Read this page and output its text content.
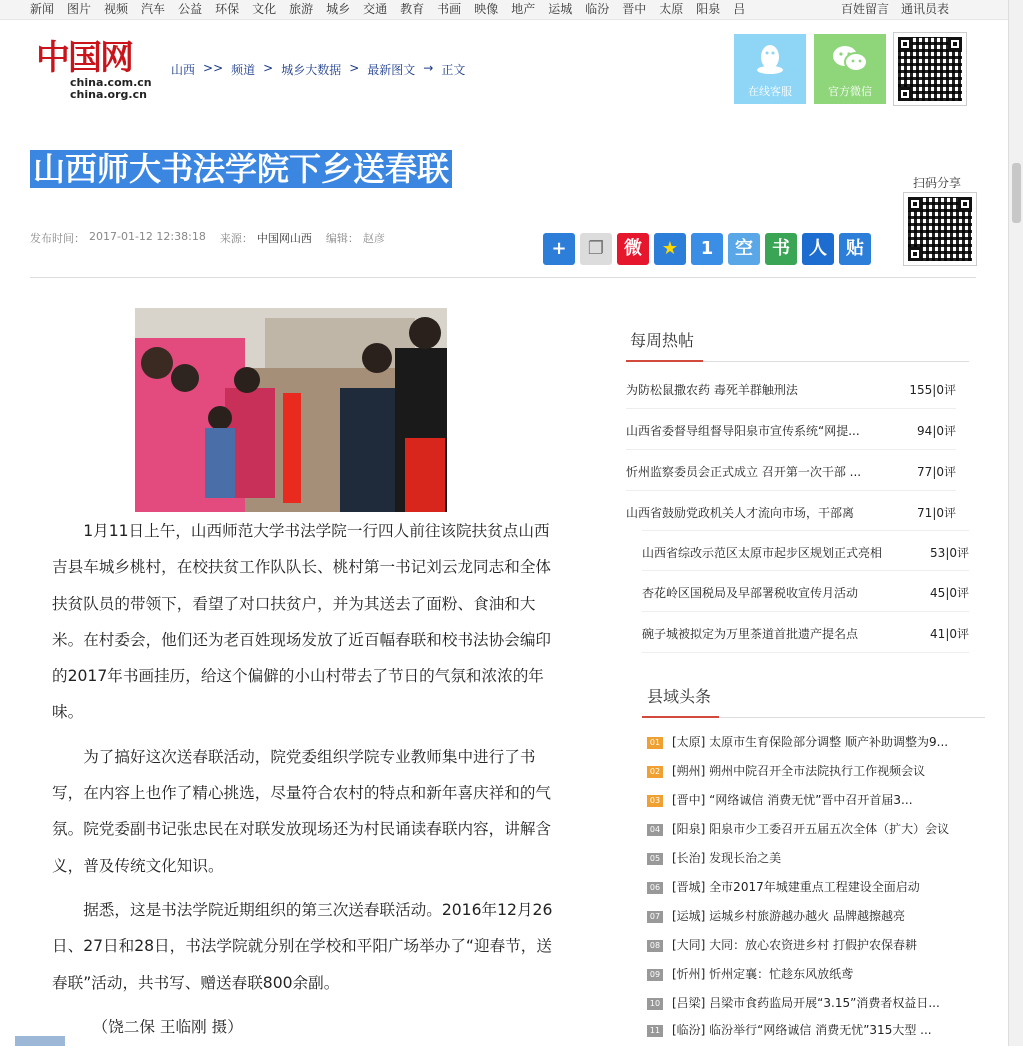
新闻 图片 视频 汽车 公益 环保 文化 旅游 城乡 交通 教育 书画 映像 地产 运城 临汾 晋中 太原 阳泉 吕	百姓留言 通讯员表
中国网
china.com.cn
china.org.cn
山西 >> 频道 > 城乡大数据 > 最新图文 → 正文
在线客服	官方微信
扫码分享
山西师大书法学院下乡送春联
发布时间： 2017-01-12 12:38:18 来源： 中国网山西 编辑： 赵彦	+	❐	微	★	1	空	书	人	贴

1月11日上午，山西师范大学书法学院一行四人前往该院扶贫点山西吉县车城乡桃村，在校扶贫工作队队长、桃村第一书记刘云龙同志和全体扶贫队员的带领下，看望了对口扶贫户，并为其送去了面粉、食油和大米。在村委会，他们还为老百姓现场发放了近百幅春联和校书法协会编印的2017年书画挂历，给这个偏僻的小山村带去了节日的气氛和浓浓的年味。

为了搞好这次送春联活动，院党委组织学院专业教师集中进行了书写，在内容上也作了精心挑选，尽量符合农村的特点和新年喜庆祥和的气氛。院党委副书记张忠民在对联发放现场还为村民诵读春联内容，讲解含义，普及传统文化知识。

据悉，这是书法学院近期组织的第三次送春联活动。2016年12月26日、27日和28日，书法学院就分别在学校和平阳广场举办了“迎春节，送春联”活动，共书写、赠送春联800余副。

（饶二保 王临刚 摄）

每周热帖
为防松鼠撒农药 毒死羊群触刑法	155|0评
山西省委督导组督导阳泉市宣传系统“网提...	94|0评
忻州监察委员会正式成立 召开第一次干部 ...	77|0评
山西省鼓励党政机关人才流向市场，干部离	71|0评
山西省综改示范区太原市起步区规划正式亮相	53|0评
杏花岭区国税局及早部署税收宣传月活动	45|0评
碗子城被拟定为万里茶道首批遗产提名点	41|0评
县域头条
01 [太原] 太原市生育保险部分调整 顺产补助调整为9...
02 [朔州] 朔州中院召开全市法院执行工作视频会议
03 [晋中] “网络诚信 消费无忧”晋中召开首届3...
04 [阳泉] 阳泉市少工委召开五届五次全体（扩大）会议
05 [长治] 发现长治之美
06 [晋城] 全市2017年城建重点工程建设全面启动
07 [运城] 运城乡村旅游越办越火 品牌越擦越亮
08 [大同] 大同：放心农资进乡村 打假护农保春耕
09 [忻州] 忻州定襄：忙趁东风放纸鸢
10 [吕梁] 吕梁市食药监局开展“3.15”消费者权益日...
11 [临汾] 临汾举行“网络诚信 消费无忧”315大型 ...
